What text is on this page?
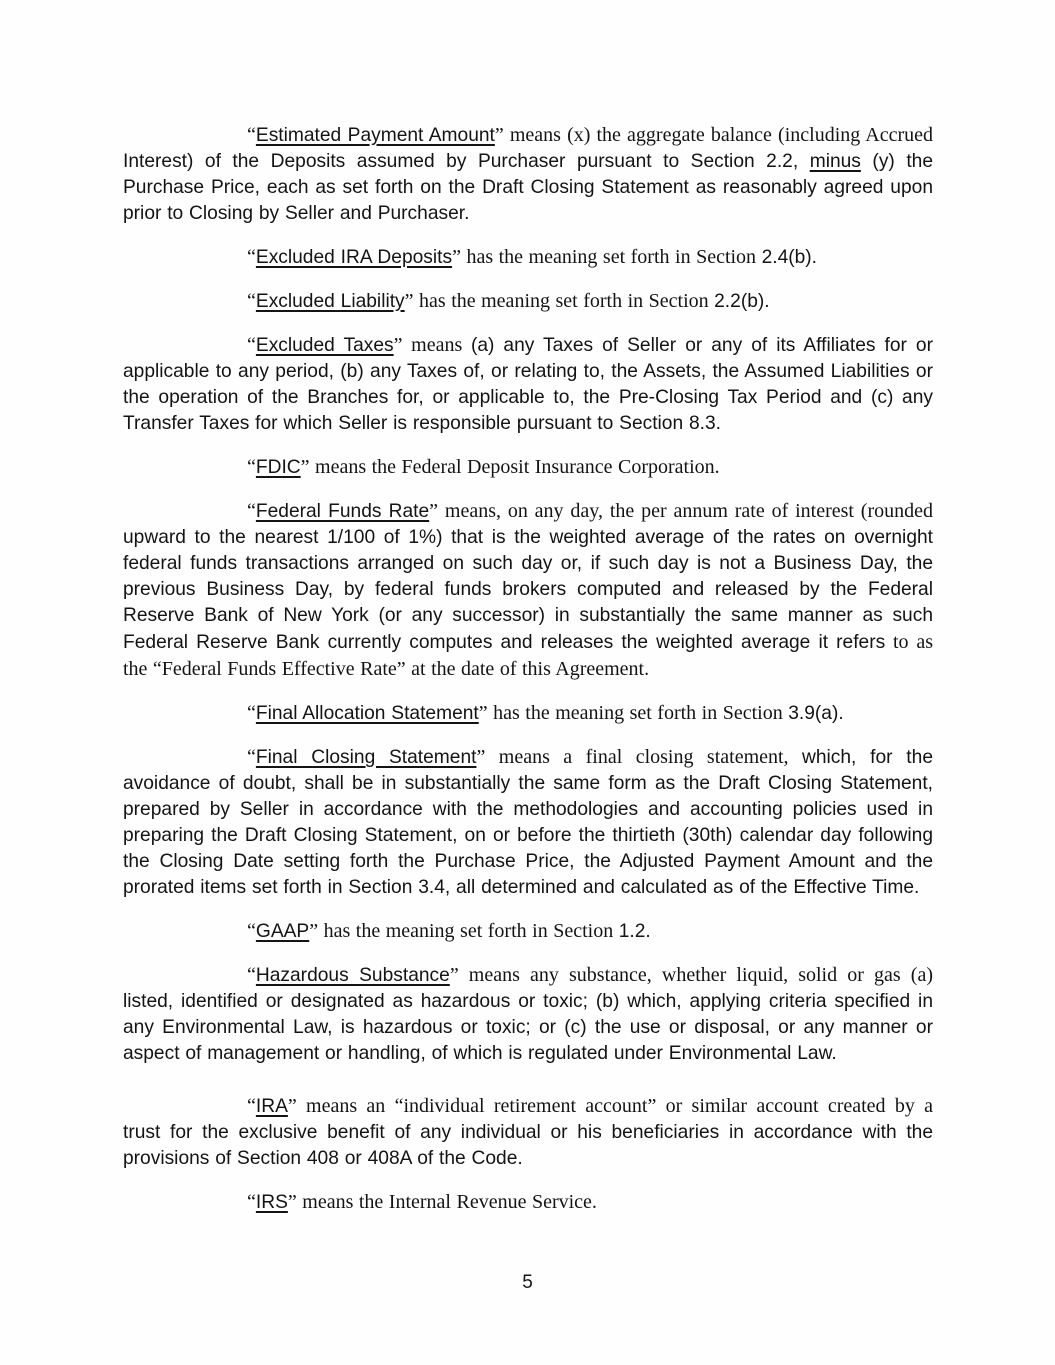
“Estimated Payment Amount” means (x) the aggregate balance (including Accrued Interest) of the Deposits assumed by Purchaser pursuant to Section 2.2, minus (y) the Purchase Price, each as set forth on the Draft Closing Statement as reasonably agreed upon prior to Closing by Seller and Purchaser.

“Excluded IRA Deposits” has the meaning set forth in Section 2.4(b).

“Excluded Liability” has the meaning set forth in Section 2.2(b).

“Excluded Taxes” means (a) any Taxes of Seller or any of its Affiliates for or applicable to any period, (b) any Taxes of, or relating to, the Assets, the Assumed Liabilities or the operation of the Branches for, or applicable to, the Pre-Closing Tax Period and (c) any Transfer Taxes for which Seller is responsible pursuant to Section 8.3.

“FDIC” means the Federal Deposit Insurance Corporation.

“Federal Funds Rate” means, on any day, the per annum rate of interest (rounded upward to the nearest 1/100 of 1%) that is the weighted average of the rates on overnight federal funds transactions arranged on such day or, if such day is not a Business Day, the previous Business Day, by federal funds brokers computed and released by the Federal Reserve Bank of New York (or any successor) in substantially the same manner as such Federal Reserve Bank currently computes and releases the weighted average it refers to as the “Federal Funds Effective Rate” at the date of this Agreement.

“Final Allocation Statement” has the meaning set forth in Section 3.9(a).

“Final Closing Statement” means a final closing statement, which, for the avoidance of doubt, shall be in substantially the same form as the Draft Closing Statement, prepared by Seller in accordance with the methodologies and accounting policies used in preparing the Draft Closing Statement, on or before the thirtieth (30th) calendar day following the Closing Date setting forth the Purchase Price, the Adjusted Payment Amount and the prorated items set forth in Section 3.4, all determined and calculated as of the Effective Time.

“GAAP” has the meaning set forth in Section 1.2.

“Hazardous Substance” means any substance, whether liquid, solid or gas (a) listed, identified or designated as hazardous or toxic; (b) which, applying criteria specified in any Environmental Law, is hazardous or toxic; or (c) the use or disposal, or any manner or aspect of management or handling, of which is regulated under Environmental Law.

“IRA” means an “individual retirement account” or similar account created by a trust for the exclusive benefit of any individual or his beneficiaries in accordance with the provisions of Section 408 or 408A of the Code.

“IRS” means the Internal Revenue Service.

5
